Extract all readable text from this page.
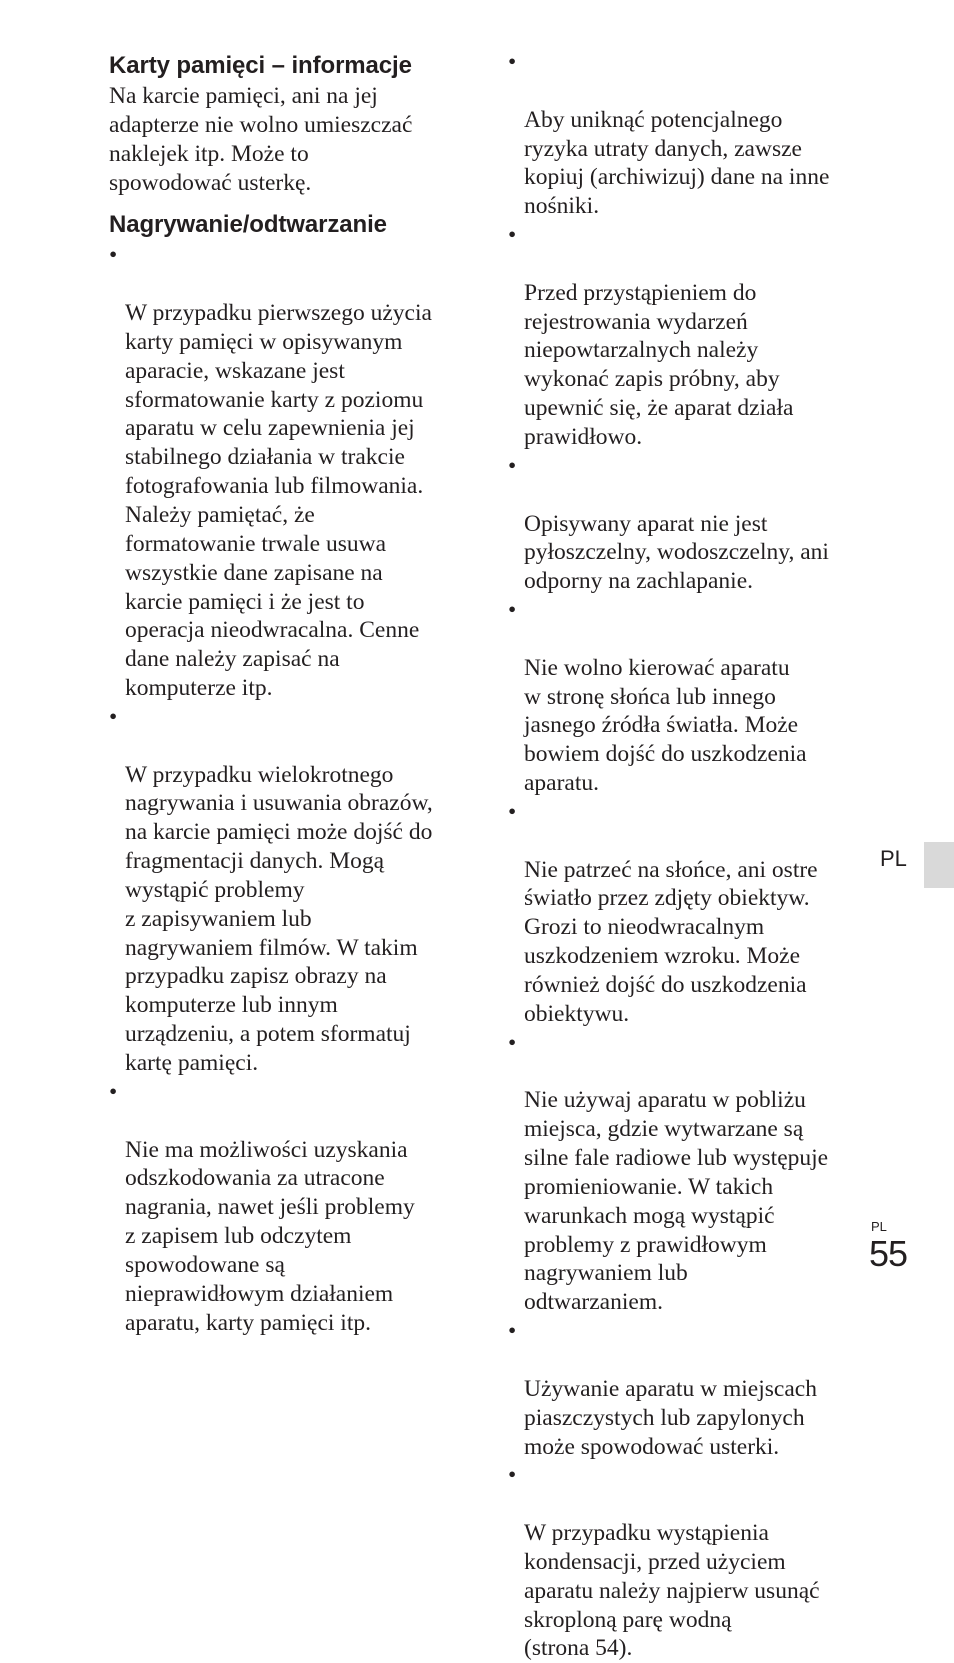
Karty pamięci – informacje

Na karcie pamięci, ani na jej
adapterze nie wolno umieszczać
naklejek itp. Może to
spowodować usterkę.

Nagrywanie/odtwarzanie

•

W przypadku pierwszego użycia
karty pamięci w opisywanym
aparacie, wskazane jest
sformatowanie karty z poziomu
aparatu w celu zapewnienia jej
stabilnego działania w trakcie
fotografowania lub filmowania.
Należy pamiętać, że
formatowanie trwale usuwa
wszystkie dane zapisane na
karcie pamięci i że jest to
operacja nieodwracalna. Cenne
dane należy zapisać na
komputerze itp.

•

W przypadku wielokrotnego
nagrywania i usuwania obrazów,
na karcie pamięci może dojść do
fragmentacji danych. Mogą
wystąpić problemy
z zapisywaniem lub
nagrywaniem filmów. W takim
przypadku zapisz obrazy na
komputerze lub innym
urządzeniu, a potem sformatuj
kartę pamięci.

•

Nie ma możliwości uzyskania
odszkodowania za utracone
nagrania, nawet jeśli problemy
z zapisem lub odczytem
spowodowane są
nieprawidłowym działaniem
aparatu, karty pamięci itp.

•

Aby uniknąć potencjalnego
ryzyka utraty danych, zawsze
kopiuj (archiwizuj) dane na inne
nośniki.

•

Przed przystąpieniem do
rejestrowania wydarzeń
niepowtarzalnych należy
wykonać zapis próbny, aby
upewnić się, że aparat działa
prawidłowo.

•

Opisywany aparat nie jest
pyłoszczelny, wodoszczelny, ani
odporny na zachlapanie.

•

Nie wolno kierować aparatu
w stronę słońca lub innego
jasnego źródła światła. Może
bowiem dojść do uszkodzenia
aparatu.

•

Nie patrzeć na słońce, ani ostre
światło przez zdjęty obiektyw.
Grozi to nieodwracalnym
uszkodzeniem wzroku. Może
również dojść do uszkodzenia
obiektywu.

•

Nie używaj aparatu w pobliżu
miejsca, gdzie wytwarzane są
silne fale radiowe lub występuje
promieniowanie. W takich
warunkach mogą wystąpić
problemy z prawidłowym
nagrywaniem lub
odtwarzaniem.

•

Używanie aparatu w miejscach
piaszczystych lub zapylonych
może spowodować usterki.

•

W przypadku wystąpienia
kondensacji, przed użyciem
aparatu należy najpierw usunąć
skroploną parę wodną
(strona 54).

PL
PL
55
